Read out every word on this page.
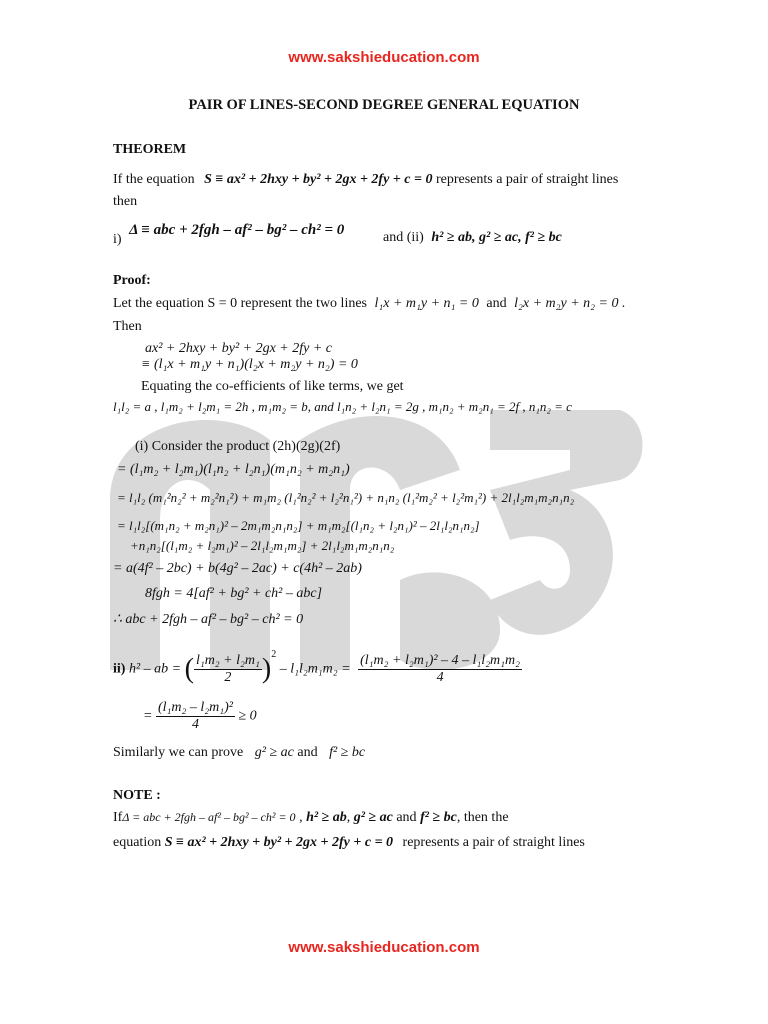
www.sakshieducation.com
PAIR OF LINES-SECOND DEGREE GENERAL EQUATION
THEOREM
If the equation S ≡ ax² + 2hxy + by² + 2gx + 2fy + c = 0 represents a pair of straight lines
then
i) Δ ≡ abc + 2fgh – af² – bg² – ch² = 0	and (ii) h² ≥ ab, g² ≥ ac, f² ≥ bc
Proof:
Let the equation S = 0 represent the two lines l₁x + m₁y + n₁ = 0 and l₂x + m₂y + n₂ = 0 .
Then
ax² + 2hxy + by² + 2gx + 2fy + c
≡ (l₁x + m₁y + n₁)(l₂x + m₂y + n₂) = 0
Equating the co-efficients of like terms, we get
l₁l₂ = a , l₁m₂ + l₂m₁ = 2h , m₁m₂ = b, and l₁n₂ + l₂n₁ = 2g , m₁n₂ + m₂n₁ = 2f , n₁n₂ = c
(i) Consider the product (2h)(2g)(2f)
= (l₁m₂ + l₂m₁)(l₁n₂ + l₂n₁)(m₁n₂ + m₂n₁)
= l₁l₂ (m₁²n₂² + m₂²n₁²) + m₁m₂ (l₁²n₂² + l₂²n₁²) + n₁n₂ (l₁²m₂² + l₂²m₁²) + 2l₁l₂m₁m₂n₁n₂
= l₁l₂[(m₁n₂ + m₂n₁)² – 2m₁m₂n₁n₂] + m₁m₂[(l₁n₂ + l₂n₁)² – 2l₁l₂n₁n₂]
+n₁n₂[(l₁m₂ + l₂m₁)² – 2l₁l₂m₁m₂] + 2l₁l₂m₁m₂n₁n₂
= a(4f² – 2bc) + b(4g² – 2ac) + c(4h² – 2ab)
8fgh = 4[af² + bg² + ch² – abc]
∴ abc + 2fgh – af² – bg² – ch² = 0
ii) h² – ab = ( $\frac{\text{l₁m₂ + l₂m₁}}{2} )^2 - l_1l_2m_1m_2 = \frac{\text{(l₁m₂ + l₂m₁)² – 4 – l₁l₂m₁m₂}}{4}$
= $\frac{\text{(l₁m₂ – l₂m₁)²}}{4} \ge 0$
Similarly we can prove g² ≥ ac and f² ≥ bc
NOTE :
IfΔ = abc + 2fgh – af² – bg² – ch² = 0 , h² ≥ ab, g² ≥ ac and f² ≥ bc, then the
equation S ≡ ax² + 2hxy + by² + 2gx + 2fy + c = 0 represents a pair of straight lines
www.sakshieducation.com
